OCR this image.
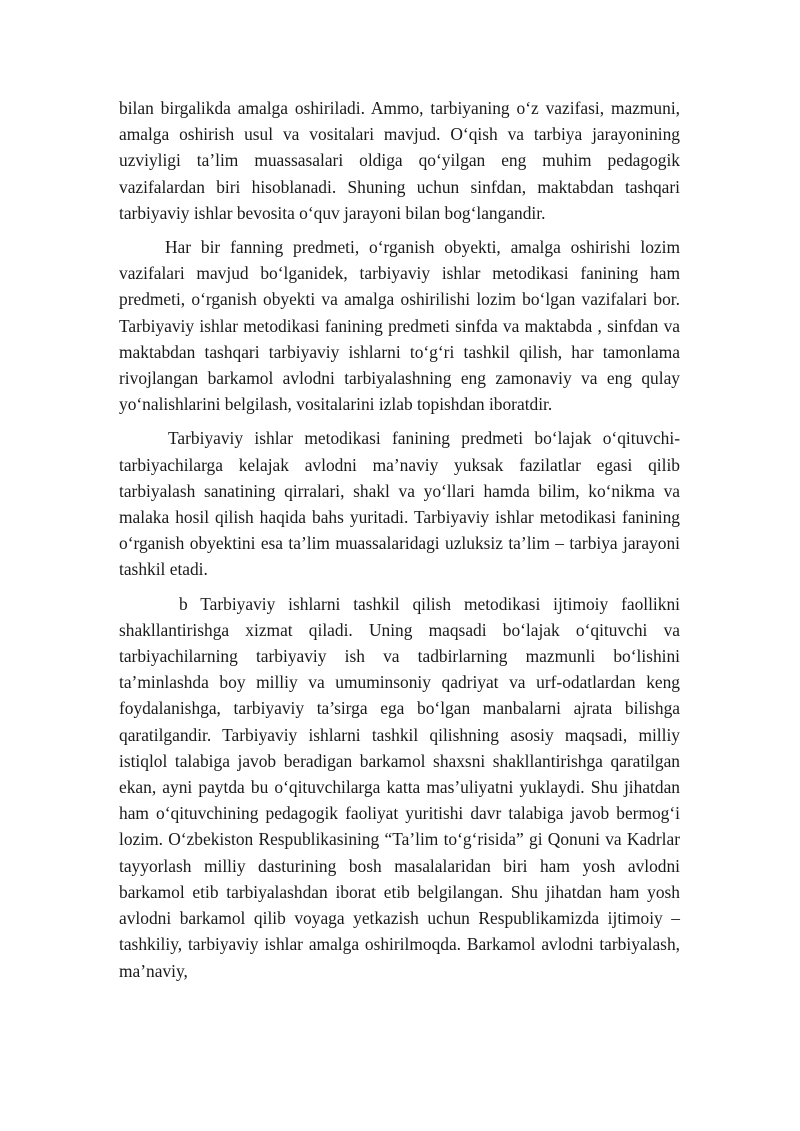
bilan birgalikda amalga oshiriladi. Ammo, tarbiyaning o‘z vazifasi, mazmuni, amalga oshirish usul va vositalari mavjud. O‘qish va tarbiya jarayonining uzviyligi ta’lim muassasalari oldiga qo‘yilgan eng muhim pedagogik vazifalardan biri hisoblanadi. Shuning uchun sinfdan, maktabdan tashqari tarbiyaviy ishlar bevosita o‘quv jarayoni bilan bog‘langandir.

Har bir fanning predmeti, o‘rganish obyekti, amalga oshirishi lozim vazifalari mavjud bo‘lganidek, tarbiyaviy ishlar metodikasi fanining ham predmeti, o‘rganish obyekti va amalga oshirilishi lozim bo‘lgan vazifalari bor. Tarbiyaviy ishlar metodikasi fanining predmeti sinfda va maktabda , sinfdan va maktabdan tashqari tarbiyaviy ishlarni to‘g‘ri tashkil qilish, har tamonlama rivojlangan barkamol avlodni tarbiyalashning eng zamonaviy va eng qulay yo‘nalishlarini belgilash, vositalarini izlab topishdan iboratdir.

Tarbiyaviy ishlar metodikasi fanining predmeti bo‘lajak o‘qituvchi-tarbiyachilarga kelajak avlodni ma’naviy yuksak fazilatlar egasi qilib tarbiyalash sanatining qirralari, shakl va yo‘llari hamda bilim, ko‘nikma va malaka hosil qilish haqida bahs yuritadi. Tarbiyaviy ishlar metodikasi fanining o‘rganish obyektini esa ta’lim muassalaridagi uzluksiz ta’lim – tarbiya jarayoni tashkil etadi.

b Tarbiyaviy ishlarni tashkil qilish metodikasi ijtimoiy faollikni shakllantirishga xizmat qiladi. Uning maqsadi bo‘lajak o‘qituvchi va tarbiyachilarning tarbiyaviy ish va tadbirlarning mazmunli bo‘lishini ta’minlashda boy milliy va umuminsoniy qadriyat va urf-odatlardan keng foydalanishga, tarbiyaviy ta’sirga ega bo‘lgan manbalarni ajrata bilishga qaratilgandir. Tarbiyaviy ishlarni tashkil qilishning asosiy maqsadi, milliy istiqlol talabiga javob beradigan barkamol shaxsni shakllantirishga qaratilgan ekan, ayni paytda bu o‘qituvchilarga katta mas’uliyatni yuklaydi. Shu jihatdan ham o‘qituvchining pedagogik faoliyat yuritishi davr talabiga javob bermog‘i lozim. O‘zbekiston Respublikasining “Ta’lim to‘g‘risida” gi Qonuni va Kadrlar tayyorlash milliy dasturining bosh masalalaridan biri ham yosh avlodni barkamol etib tarbiyalashdan iborat etib belgilangan. Shu jihatdan ham yosh avlodni barkamol qilib voyaga yetkazish uchun Respublikamizda ijtimoiy – tashkiliy, tarbiyaviy ishlar amalga oshirilmoqda. Barkamol avlodni tarbiyalash, ma’naviy,
